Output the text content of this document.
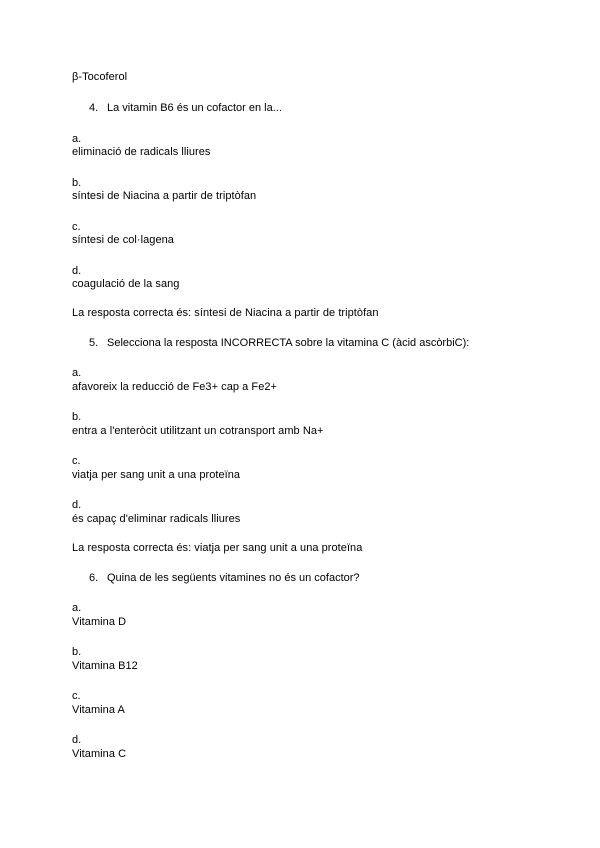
β-Tocoferol
4. La vitamin B6 és un cofactor en la...
a.
eliminació de radicals lliures
b.
síntesi de Niacina a partir de triptòfan
c.
síntesi de col·lagena
d.
coagulació de la sang
La resposta correcta és: síntesi de Niacina a partir de triptòfan
5. Selecciona la resposta INCORRECTA sobre la vitamina C (àcid ascòrbiC):
a.
afavoreix la reducció de Fe3+ cap a Fe2+
b.
entra a l'enteròcit utilitzant un cotransport amb Na+
c.
viatja per sang unit a una proteïna
d.
és capaç d'eliminar radicals lliures
La resposta correcta és: viatja per sang unit a una proteïna
6. Quina de les següents vitamines no és un cofactor?
a.
Vitamina D
b.
Vitamina B12
c.
Vitamina A
d.
Vitamina C
